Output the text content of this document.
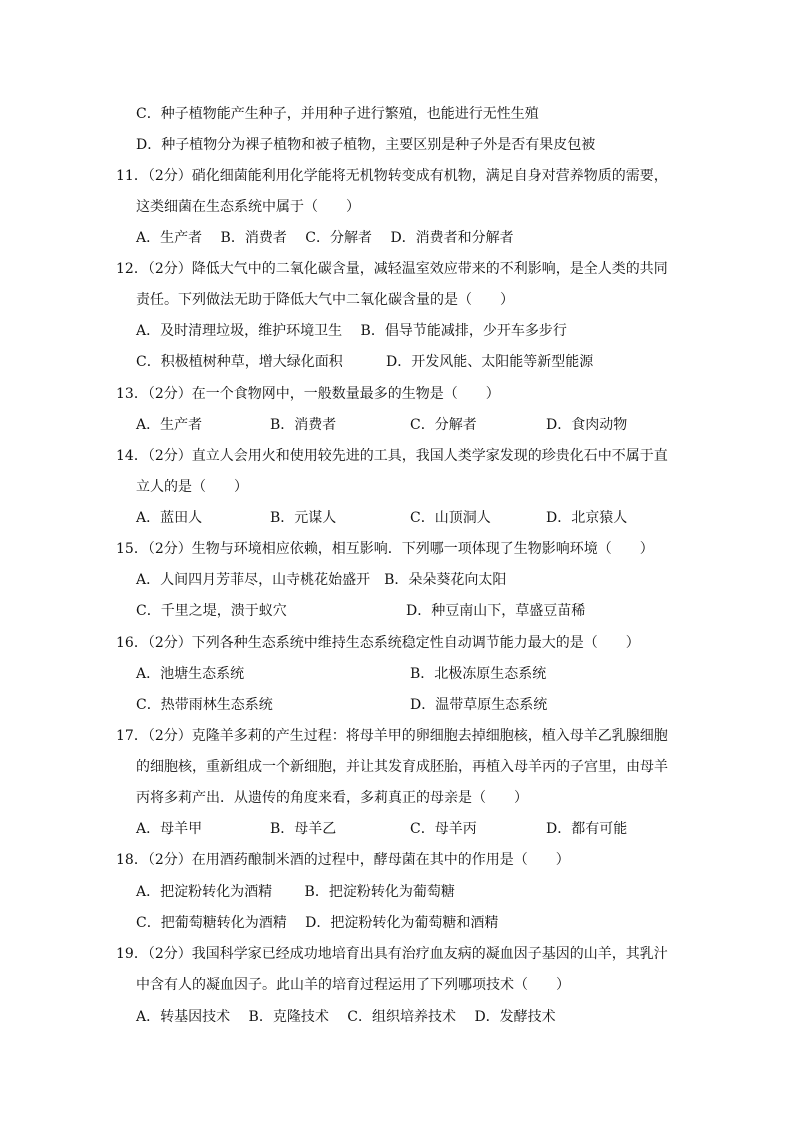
C．种子植物能产生种子，并用种子进行繁殖，也能进行无性生殖
D．种子植物分为裸子植物和被子植物，主要区别是种子外是否有果皮包被
11．（2分）硝化细菌能利用化学能将无机物转变成有机物，满足自身对营养物质的需要，
这类细菌在生态系统中属于（　　）
A．生产者　 B．消费者　 C．分解者　 D．消费者和分解者
12．（2分）降低大气中的二氧化碳含量，减轻温室效应带来的不利影响，是全人类的共同
责任。下列做法无助于降低大气中二氧化碳含量的是（　　）
A．及时清理垃圾，维护环境卫生　 B．倡导节能减排，少开车多步行
C．积极植树种草，增大绿化面积	D．开发风能、太阳能等新型能源
13．（2分）在一个食物网中，一般数量最多的生物是（　　）
A．生产者	B．消费者	C．分解者	D．食肉动物
14．（2分）直立人会用火和使用较先进的工具，我国人类学家发现的珍贵化石中不属于直
立人的是（　　）
A．蓝田人	B．元谋人	C．山顶洞人	D．北京猿人
15．（2分）生物与环境相应依赖，相互影响．下列哪一项体现了生物影响环境（　　）
A．人间四月芳菲尽，山寺桃花始盛开　B．朵朵葵花向太阳
C．千里之堤，溃于蚁穴	D．种豆南山下，草盛豆苗稀
16．（2分）下列各种生态系统中维持生态系统稳定性自动调节能力最大的是（　　）
A．池塘生态系统	B．北极冻原生态系统
C．热带雨林生态系统	D．温带草原生态系统
17．（2分）克隆羊多莉的产生过程：将母羊甲的卵细胞去掉细胞核，植入母羊乙乳腺细胞
的细胞核，重新组成一个新细胞，并让其发育成胚胎，再植入母羊丙的子宫里，由母羊
丙将多莉产出．从遗传的角度来看，多莉真正的母亲是（　　）
A．母羊甲	B．母羊乙	C．母羊丙	D．都有可能
18．（2分）在用酒药酿制米酒的过程中，酵母菌在其中的作用是（　　）
A．把淀粉转化为酒精　　 B．把淀粉转化为葡萄糖
C．把葡萄糖转化为酒精　 D．把淀粉转化为葡萄糖和酒精
19．（2分）我国科学家已经成功地培育出具有治疗血友病的凝血因子基因的山羊，其乳汁
中含有人的凝血因子。此山羊的培育过程运用了下列哪项技术（　　）
A．转基因技术　 B．克隆技术　 C．组织培养技术　 D．发酵技术
